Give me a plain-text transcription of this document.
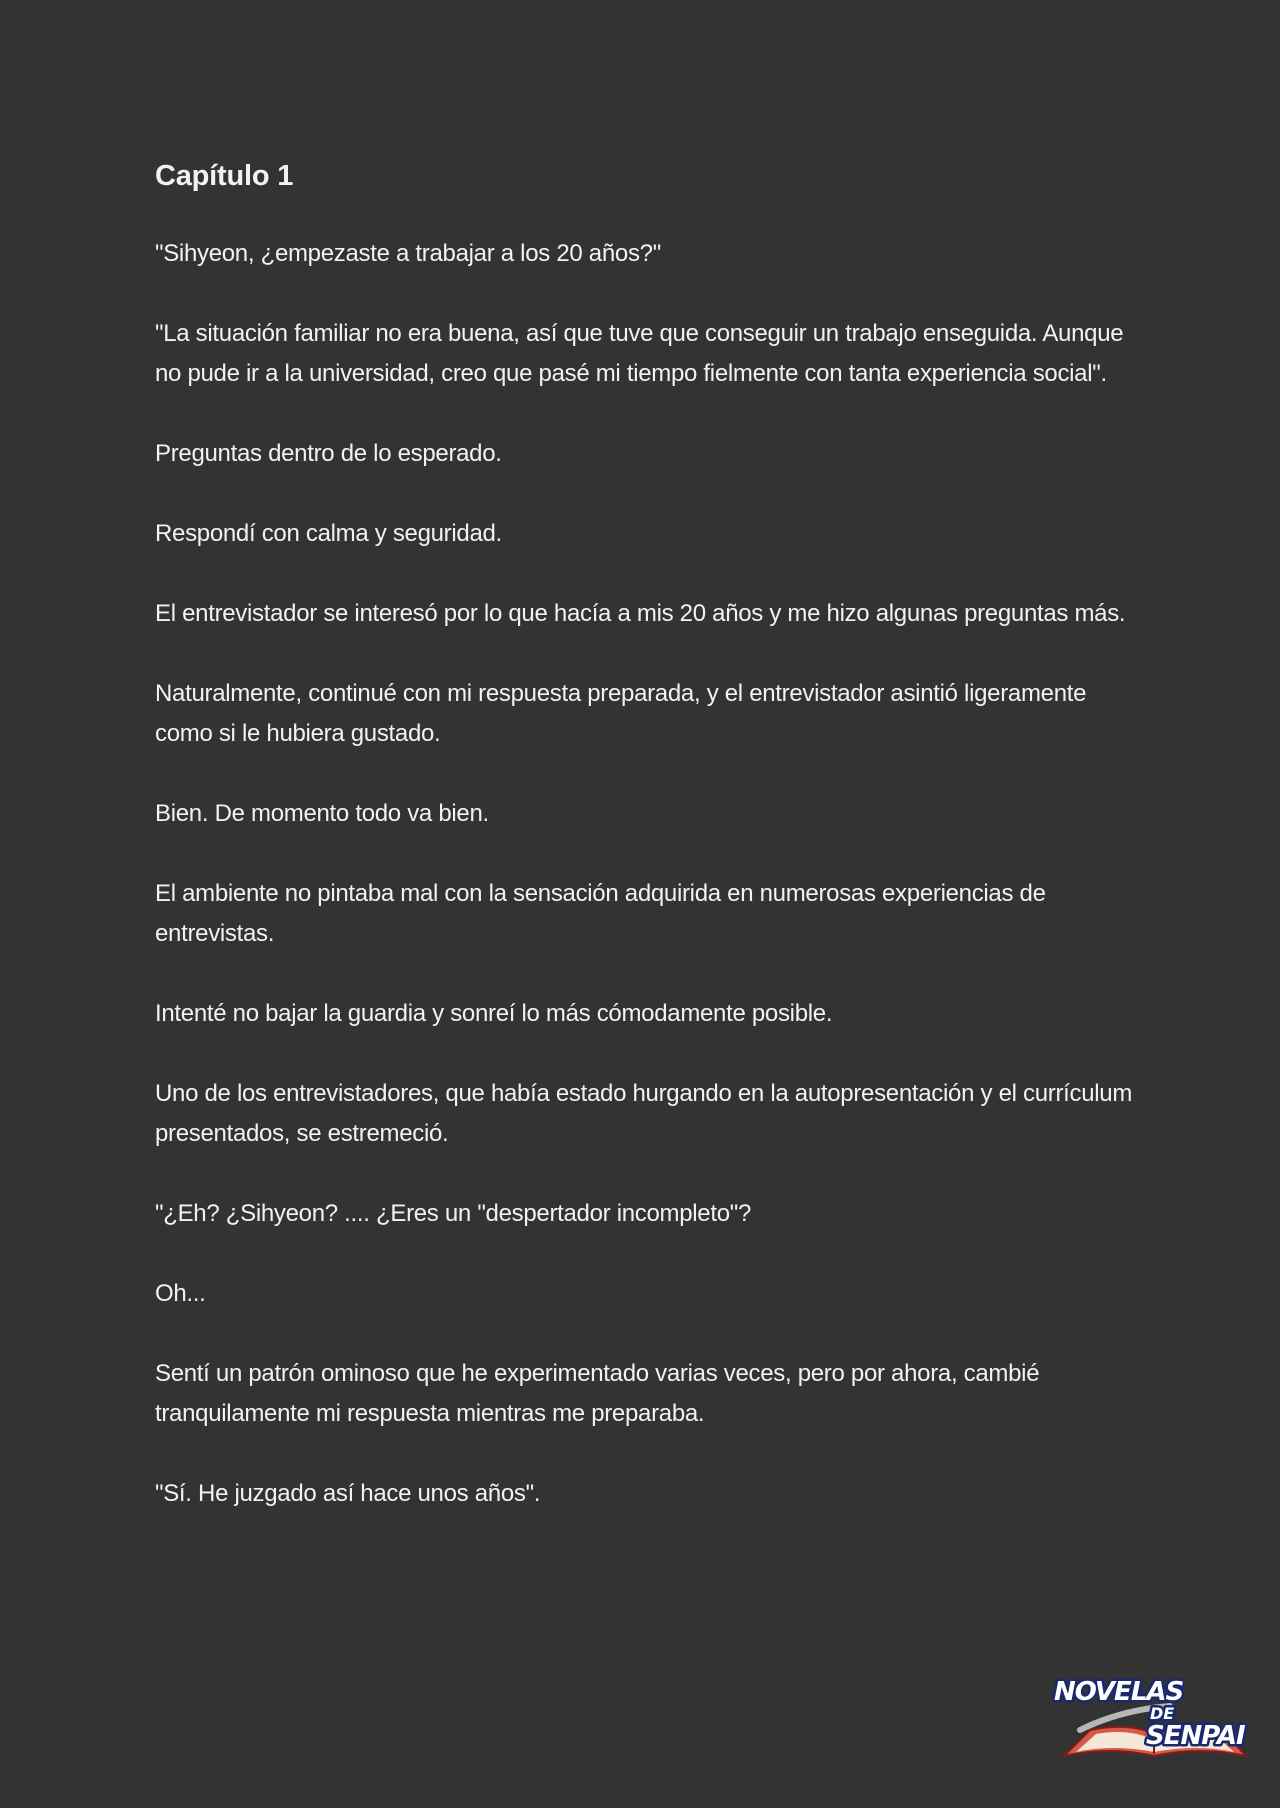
Capítulo 1

"Sihyeon, ¿empezaste a trabajar a los 20 años?"

"La situación familiar no era buena, así que tuve que conseguir un trabajo enseguida. Aunque no pude ir a la universidad, creo que pasé mi tiempo fielmente con tanta experiencia social".

Preguntas dentro de lo esperado.

Respondí con calma y seguridad.

El entrevistador se interesó por lo que hacía a mis 20 años y me hizo algunas preguntas más.

Naturalmente, continué con mi respuesta preparada, y el entrevistador asintió ligeramente como si le hubiera gustado.

Bien. De momento todo va bien.

El ambiente no pintaba mal con la sensación adquirida en numerosas experiencias de entrevistas.

Intenté no bajar la guardia y sonreí lo más cómodamente posible.

Uno de los entrevistadores, que había estado hurgando en la autopresentación y el currículum presentados, se estremeció.

"¿Eh? ¿Sihyeon? .... ¿Eres un "despertador incompleto"?

Oh...

Sentí un patrón ominoso que he experimentado varias veces, pero por ahora, cambié tranquilamente mi respuesta mientras me preparaba.

"Sí. He juzgado así hace unos años".

NOVELAS
DE
SENPAI
